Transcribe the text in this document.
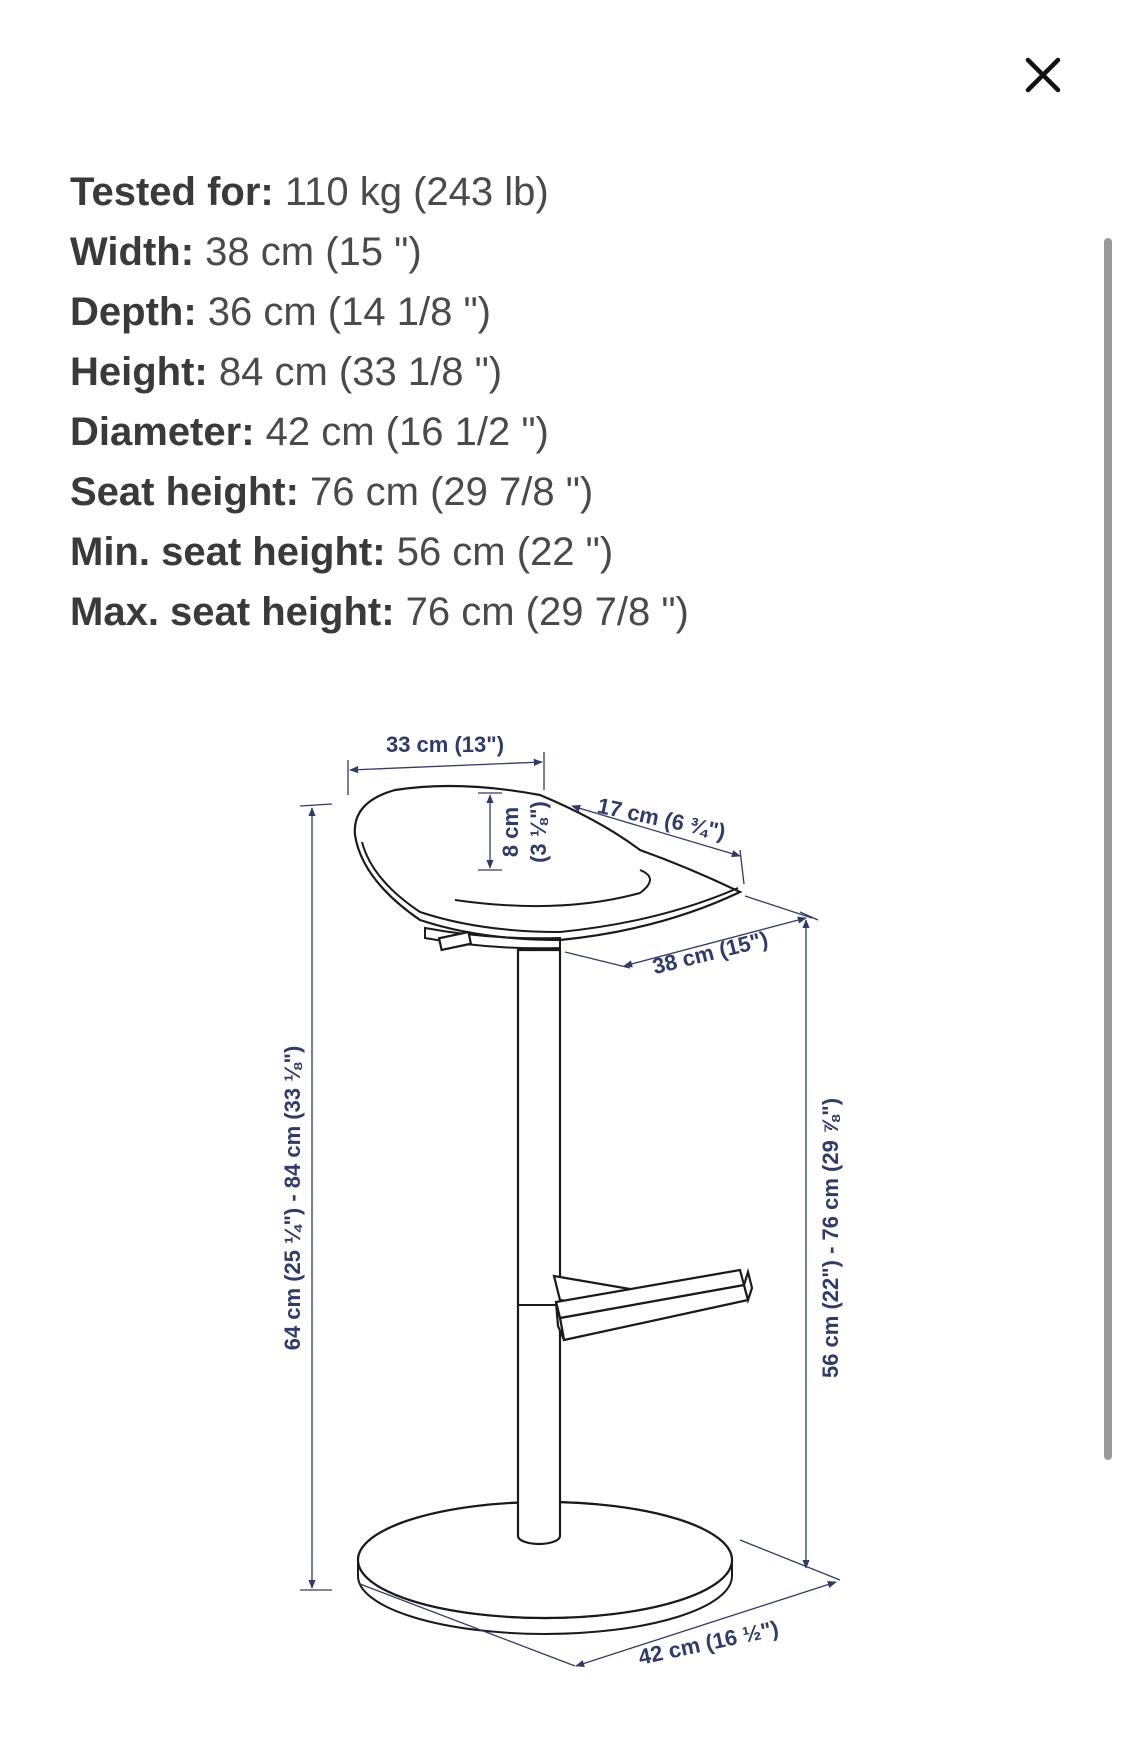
Tested for: 110 kg (243 lb)
Width: 38 cm (15 ")
Depth: 36 cm (14 1/8 ")
Height: 84 cm (33 1/8 ")
Diameter: 42 cm (16 1/2 ")
Seat height: 76 cm (29 7/8 ")
Min. seat height: 56 cm (22 ")
Max. seat height: 76 cm (29 7/8 ")
33 cm (13")
8 cm (3 ⅛") 17 cm (6 ¾")
38 cm (15")
64 cm (25 ¼") - 84 cm (33 ⅛")	56 cm (22") - 76 cm (29 ⅞")
42 cm (16 ½")
